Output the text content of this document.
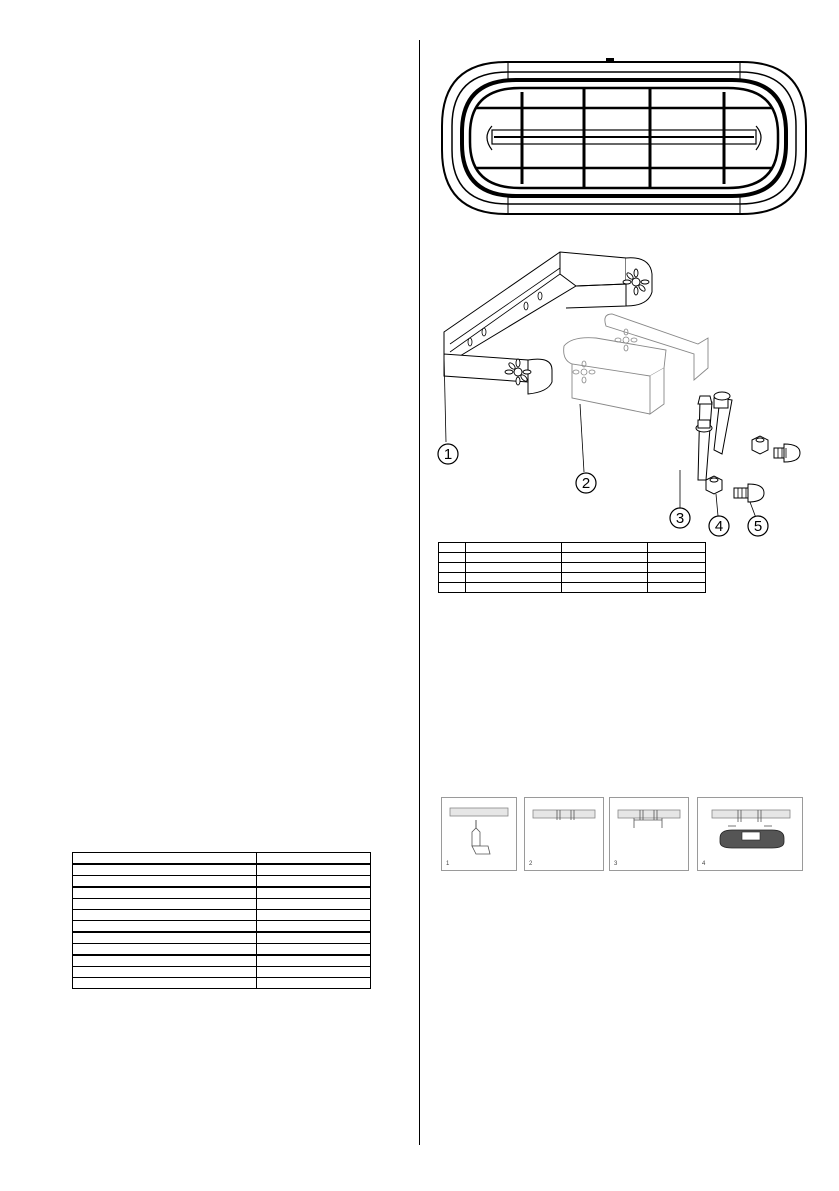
1
2
3 4 5

1	2	3	4
